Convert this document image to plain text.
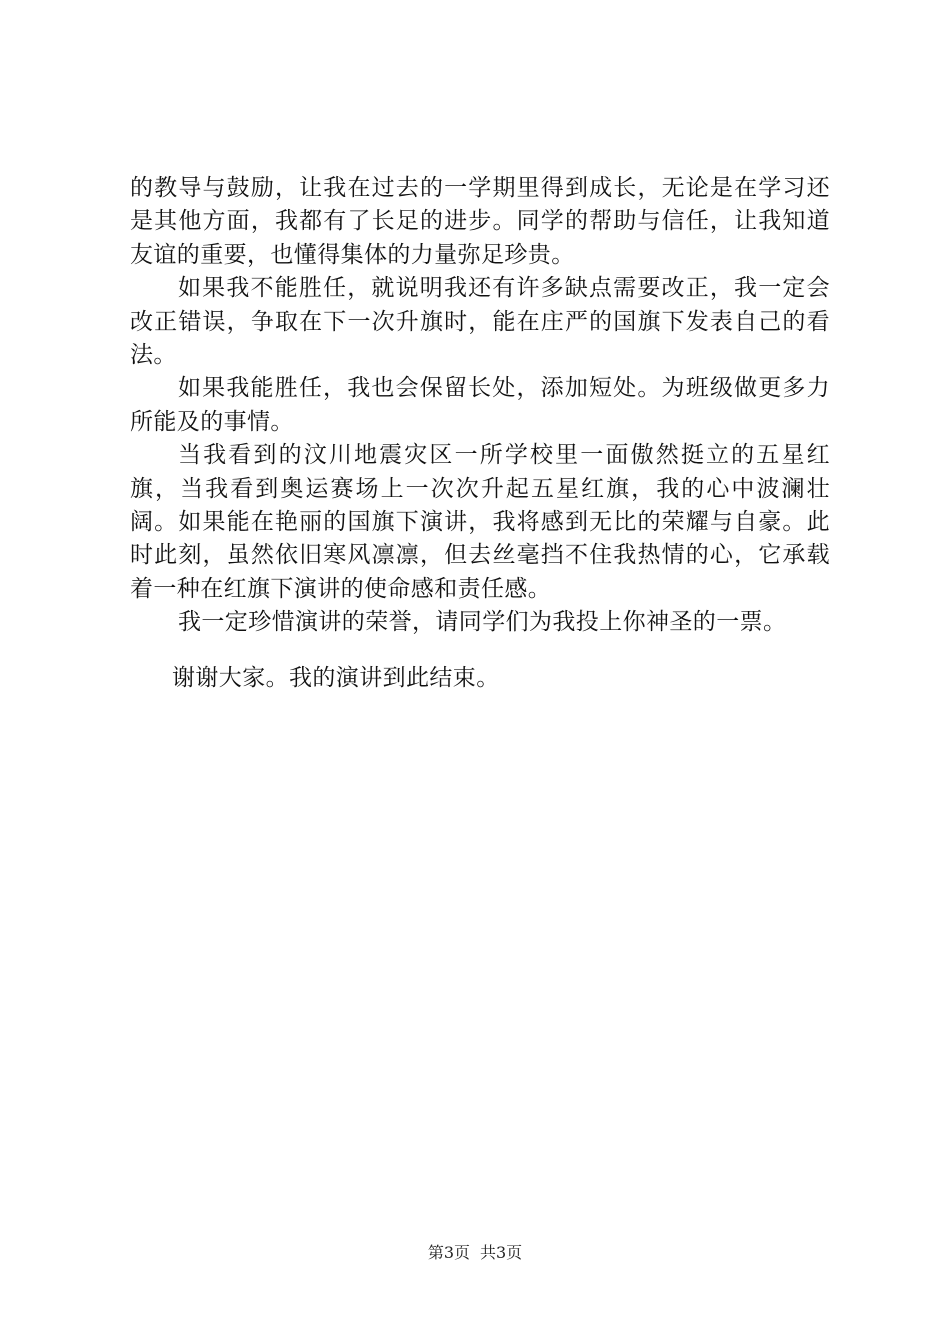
的教导与鼓励，让我在过去的一学期里得到成长，无论是在学习还是其他方面，我都有了长足的进步。同学的帮助与信任，让我知道友谊的重要，也懂得集体的力量弥足珍贵。

如果我不能胜任，就说明我还有许多缺点需要改正，我一定会改正错误，争取在下一次升旗时，能在庄严的国旗下发表自己的看法。

如果我能胜任，我也会保留长处，添加短处。为班级做更多力所能及的事情。

当我看到的汶川地震灾区一所学校里一面傲然挺立的五星红旗，当我看到奥运赛场上一次次升起五星红旗，我的心中波澜壮阔。如果能在艳丽的国旗下演讲，我将感到无比的荣耀与自豪。此时此刻，虽然依旧寒风凛凛，但去丝毫挡不住我热情的心，它承载着一种在红旗下演讲的使命感和责任感。

我一定珍惜演讲的荣誉，请同学们为我投上你神圣的一票。

谢谢大家。我的演讲到此结束。

第3页 共3页
